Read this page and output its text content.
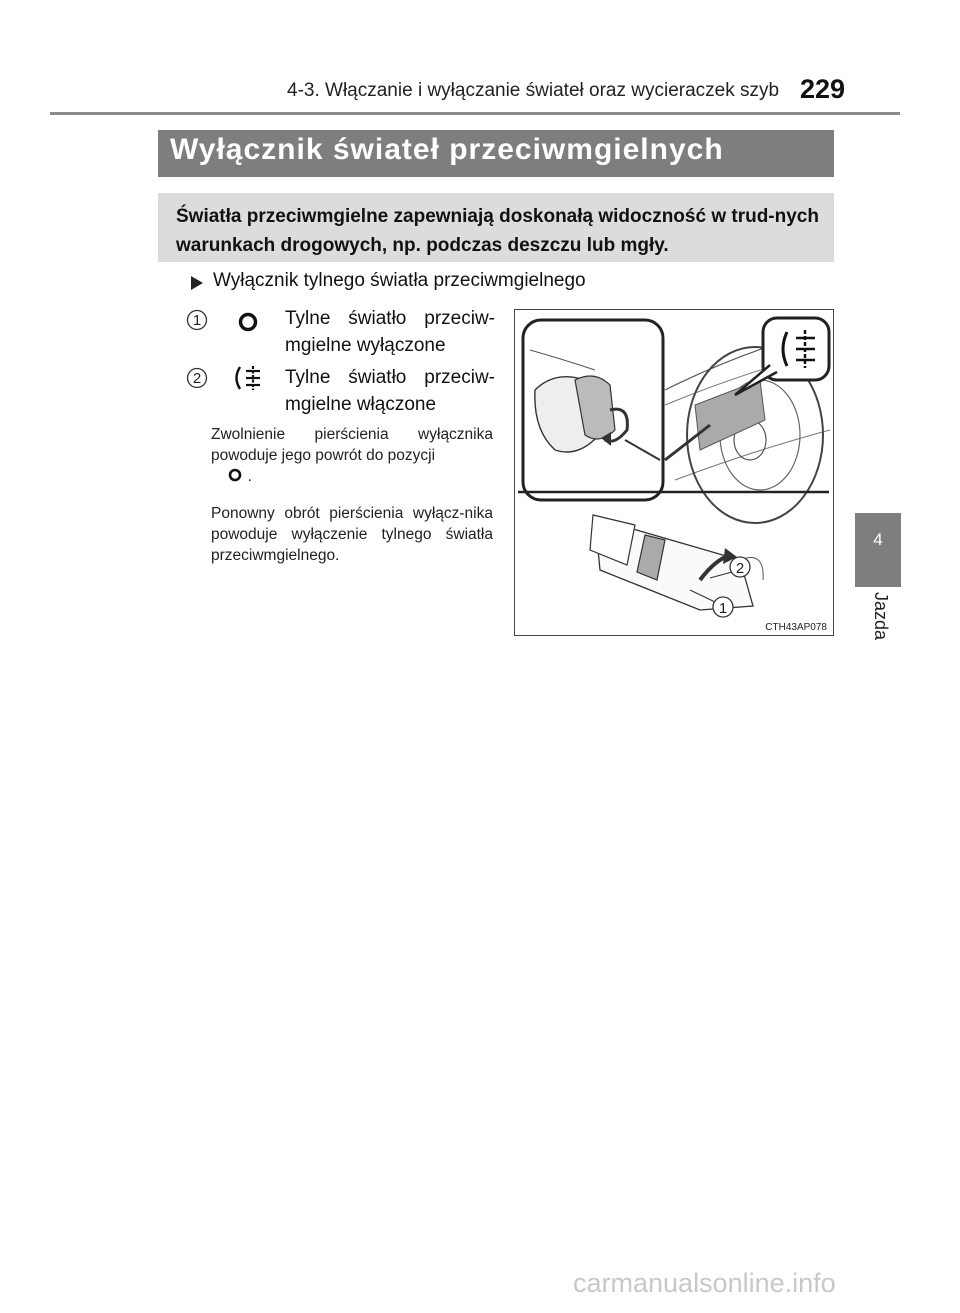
4-3. Włączanie i wyłączanie świateł oraz wycieraczek szyb 229
Wyłącznik świateł przeciwmgielnych
Światła przeciwmgielne zapewniają doskonałą widoczność w trud-nych warunkach drogowych, np. podczas deszczu lub mgły.
Wyłącznik tylnego światła przeciwmgielnego
1	Tylne światło przeciw-mgielne wyłączone
2	Tylne światło przeciw-mgielne włączone
Zwolnienie pierścienia wyłącznika powoduje jego powrót do pozycji
.
Ponowny obrót pierścienia wyłącz-nika powoduje wyłączenie tylnego światła przeciwmgielnego.
2
1
CTH43AP078
4
Jazda
carmanualsonline.info
